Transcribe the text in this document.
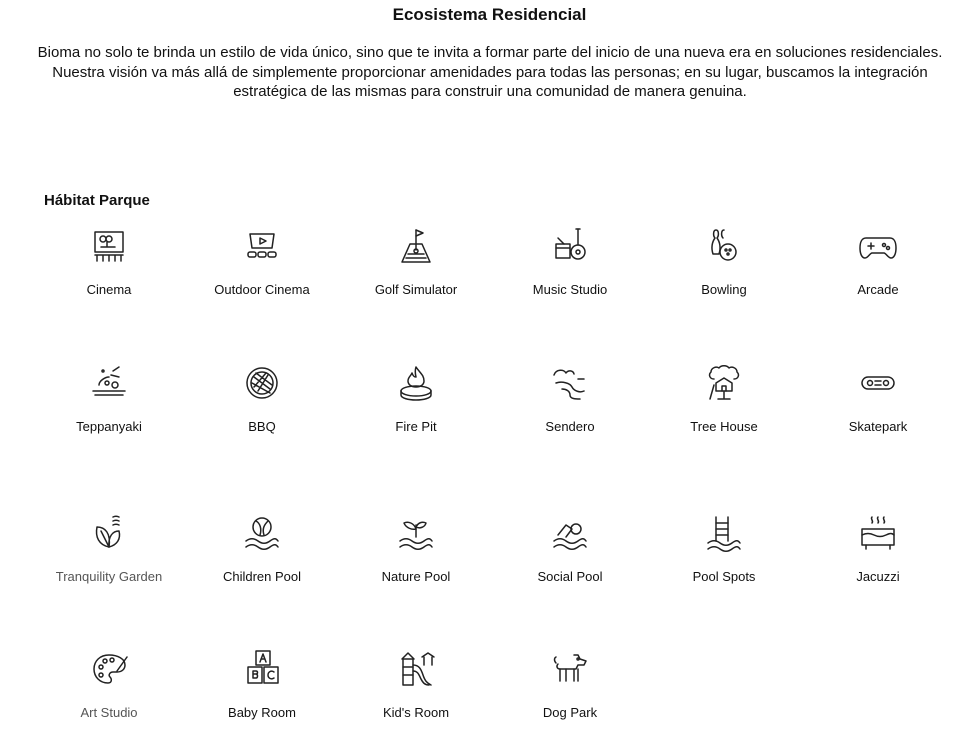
Ecosistema Residencial
Bioma no solo te brinda un estilo de vida único, sino que te invita a formar parte del inicio de una nueva era en soluciones residenciales. Nuestra visión va más allá de simplemente proporcionar amenidades para todas las personas; en su lugar, buscamos la integración estratégica de las mismas para construir una comunidad de manera genuina.
Hábitat Parque
Cinema	Outdoor Cinema	Golf Simulator	Music Studio	Bowling	Arcade
Teppanyaki	BBQ	Fire Pit	Sendero	Tree House	Skatepark
Tranquility Garden	Children Pool	Nature Pool	Social Pool	Pool Spots	Jacuzzi
Art Studio	Baby Room	Kid's Room	Dog Park
